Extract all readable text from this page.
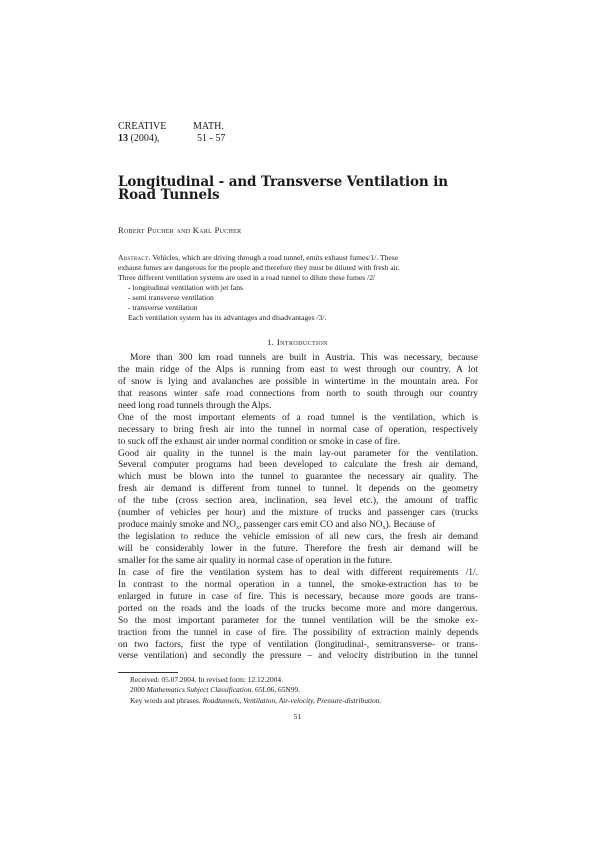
CREATIVE	MATH.
13 (2004),	51 - 57
Longitudinal - and Transverse Ventilation in Road Tunnels
Robert Pucher and Karl Pucher
Abstract. Vehicles, which are driving through a road tunnel, emits exhaust fumes/1/. These
exhaust fumes are dangerous for the people and therefore they must be diluted with fresh air.
Three different ventilation systems are used in a road tunnel to dilute these fumes /2/
- longitudinal ventilation with jet fans
- semi transverse ventilation
- transverse ventilation
Each ventilation system has its advantages and disadvantages /3/.
1. Introduction
More than 300 km road tunnels are built in Austria. This was necessary, because
the main ridge of the Alps is running from east to west through our country. A lot
of snow is lying and avalanches are possible in wintertime in the mountain area. For
that reasons winter safe road connections from north to south through our country
need long road tunnels through the Alps.
One of the most important elements of a road tunnel is the ventilation, which is
necessary to bring fresh air into the tunnel in normal case of operation, respectively
to suck off the exhaust air under normal condition or smoke in case of fire.
Good air quality in the tunnel is the main lay-out parameter for the ventilation.
Several computer programs had been developed to calculate the fresh air demand,
which must be blown into the tunnel to guarantee the necessary air quality. The
fresh air demand is different from tunnel to tunnel. It depends on the geometry
of the tube (cross section area, inclination, sea level etc.), the amount of traffic
(number of vehicles per hour) and the mixture of trucks and passenger cars (trucks
produce mainly smoke and $NO_x$, passenger cars emit CO and also $NO_x$). Because of
the legislation to reduce the vehicle emission of all new cars, the fresh air demand
will be considerably lower in the future. Therefore the fresh air demand will be
smaller for the same air quality in normal case of operation in the future.
In case of fire the ventilation system has to deal with different requirements /1/.
In contrast to the normal operation in a tunnel, the smoke-extraction has to be
enlarged in future in case of fire. This is necessary, because more goods are trans-
ported on the roads and the loads of the trucks become more and more dangerous.
So the most important parameter for the tunnel ventilation will be the smoke ex-
traction from the tunnel in case of fire. The possibility of extraction mainly depends
on two factors, first the type of ventilation (longitudinal-, semitransverse- or trans-
verse ventilation) and secondly the pressure – and velocity distribution in the tunnel
Received: 05.07.2004. In revised form: 12.12.2004.
2000 Mathematics Subject Classification. 65L06, 65N99.
Key words and phrases. Roadtunnels, Ventilation, Air-velocity, Pressure-distribution.
51
